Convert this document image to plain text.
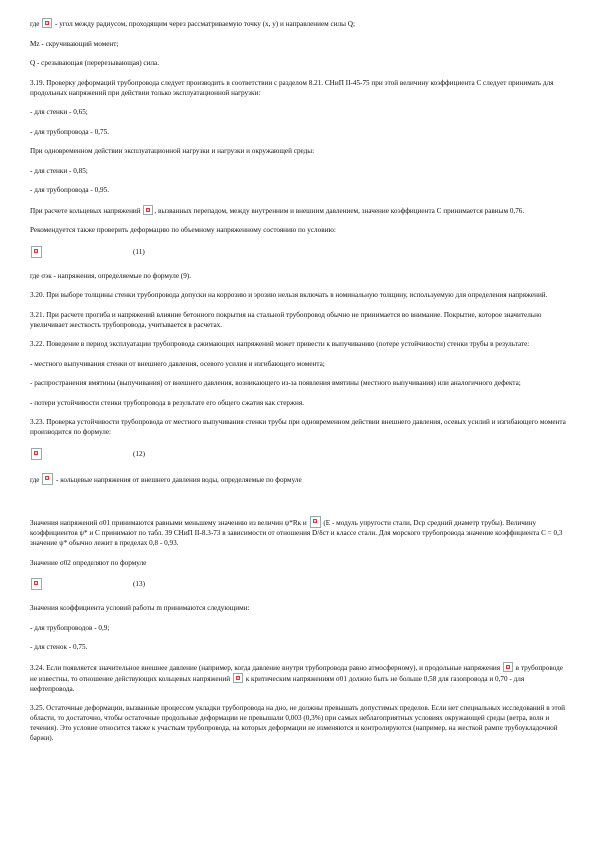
где  - угол между радиусом, проходящим через рассматриваемую точку (x, y) и направлением силы Q;

Mz - скручивающий момент;

Q - срезывающая (перерезывающая) сила.

3.19. Проверку деформаций трубопровода следует производить в соответствии с разделом 8.21. СНиП II-45-75 при этой величину коэффициента C следует принимать для продольных напряжений при действии только эксплуатационной нагрузки:

- для стенки - 0,65;

- для трубопровода - 0,75.

При одновременном действии эксплуатационной нагрузки и нагрузки и окружающей среды:

- для стенки - 0,85;

- для трубопровода - 0,95.

При расчете кольцевых напряжений , вызванных перепадом, между внутренним и внешним давлением, значение коэффициента C принимается равным 0,76.

Рекомендуется также проверить деформацию по объемному напряженному состоянию по условию:

(11)

где σэк - напряжения, определяемые по формуле (9).

3.20. При выборе толщины стенки трубопровода допуски на коррозию и эрозию нельзя включать в номинальную толщину, используемую для определения напряжений.

3.21. При расчете прогиба и напряжений влияние бетонного покрытия на стальной трубопровод обычно не принимается во внимание. Покрытие, которое значительно увеличивает жесткость трубопровода, учитывается в расчетах.

3.22. Поведение в период эксплуатации трубопровода сжимающих напряжений может привести к выпучиванию (потере устойчивости) стенки трубы в результате:

- местного выпучивания стенки от внешнего давления, осевого усилия и изгибающего момента;

- распространения вмятины (выпучивания) от внешнего давления, возникающего из-за появления вмятины (местного выпучивания) или аналогичного дефекта;

- потери устойчивости стенки трубопровода в результате его общего сжатия как стержня.

3.23. Проверка устойчивости трубопровода от местного выпучивания стенки трубы при одновременном действии внешнего давления, осевых усилий и изгибающего момента производится по формуле:

(12)

где  - кольцевые напряжения от внешнего давления воды, определяемые по формуле

Значения напряжений σ01 принимаются равными меньшему значению из величин ψ*Rк и (E - модуль упругости стали, Dср средний диаметр трубы). Величину коэффициентов ψ* и C принимают по табл. 39 СНиП II-8.3-73 в зависимости от отношения D/δст и классе стали. Для морского трубопровода значение коэффициента C = 0,3 значение ψ* обычно лежит в пределах 0,8 - 0,93.

Значение σ02 определяют по формуле

(13)

Значения коэффициента условий работы m принимаются следующими:

- для трубопроводов - 0,9;

- для стенок - 0,75.

3.24. Если появляется значительное внешнее давление (например, когда давление внутри трубопровода равно атмосферному), и продольные напряжения в трубопроводе не известны, то отношение действующих кольцевых напряжений к критическим напряжениям σ01 должно быть не больше 0,58 для газопровода и 0,70 - для нефтепровода.

3.25. Остаточные деформации, вызванные процессом укладки трубопровода на дно, не должны превышать допустимых пределов. Если нет специальных исследований в этой области, то достаточно, чтобы остаточные продольные деформации не превышали 0,003 (0,3%) при самых неблагоприятных условиях окружающей среды (ветра, волн и течения). Это условие относится также к участкам трубопровода, на которых деформации не изменяются и контролируются (например, на жесткой рампе трубоукладочной баржи).
